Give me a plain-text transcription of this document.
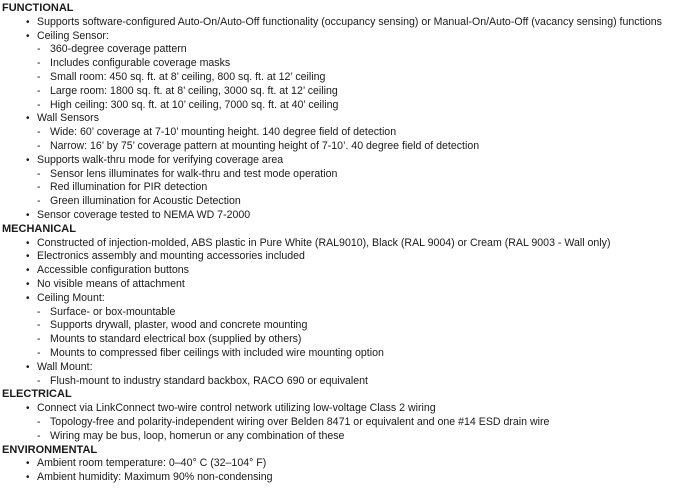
FUNCTIONAL
• Supports software-configured Auto-On/Auto-Off functionality (occupancy sensing) or Manual-On/Auto-Off (vacancy sensing) functions
• Ceiling Sensor:
- 360-degree coverage pattern
- Includes configurable coverage masks
- Small room: 450 sq. ft. at 8’ ceiling, 800 sq. ft. at 12’ ceiling
- Large room: 1800 sq. ft. at 8’ ceiling, 3000 sq. ft. at 12’ ceiling
- High ceiling: 300 sq. ft. at 10’ ceiling, 7000 sq. ft. at 40’ ceiling
• Wall Sensors
- Wide: 60’ coverage at 7-10’ mounting height. 140 degree field of detection
- Narrow: 16’ by 75’ coverage pattern at mounting height of 7-10’. 40 degree field of detection
• Supports walk-thru mode for verifying coverage area
- Sensor lens illuminates for walk-thru and test mode operation
- Red illumination for PIR detection
- Green illumination for Acoustic Detection
• Sensor coverage tested to NEMA WD 7-2000
MECHANICAL
• Constructed of injection-molded, ABS plastic in Pure White (RAL9010), Black (RAL 9004) or Cream (RAL 9003 - Wall only)
• Electronics assembly and mounting accessories included
• Accessible configuration buttons
• No visible means of attachment
• Ceiling Mount:
- Surface- or box-mountable
- Supports drywall, plaster, wood and concrete mounting
- Mounts to standard electrical box (supplied by others)
- Mounts to compressed fiber ceilings with included wire mounting option
• Wall Mount:
- Flush-mount to industry standard backbox, RACO 690 or equivalent
ELECTRICAL
• Connect via LinkConnect two-wire control network utilizing low-voltage Class 2 wiring
- Topology-free and polarity-independent wiring over Belden 8471 or equivalent and one #14 ESD drain wire
- Wiring may be bus, loop, homerun or any combination of these
ENVIRONMENTAL
• Ambient room temperature: 0–40° C (32–104° F)
• Ambient humidity: Maximum 90% non-condensing
